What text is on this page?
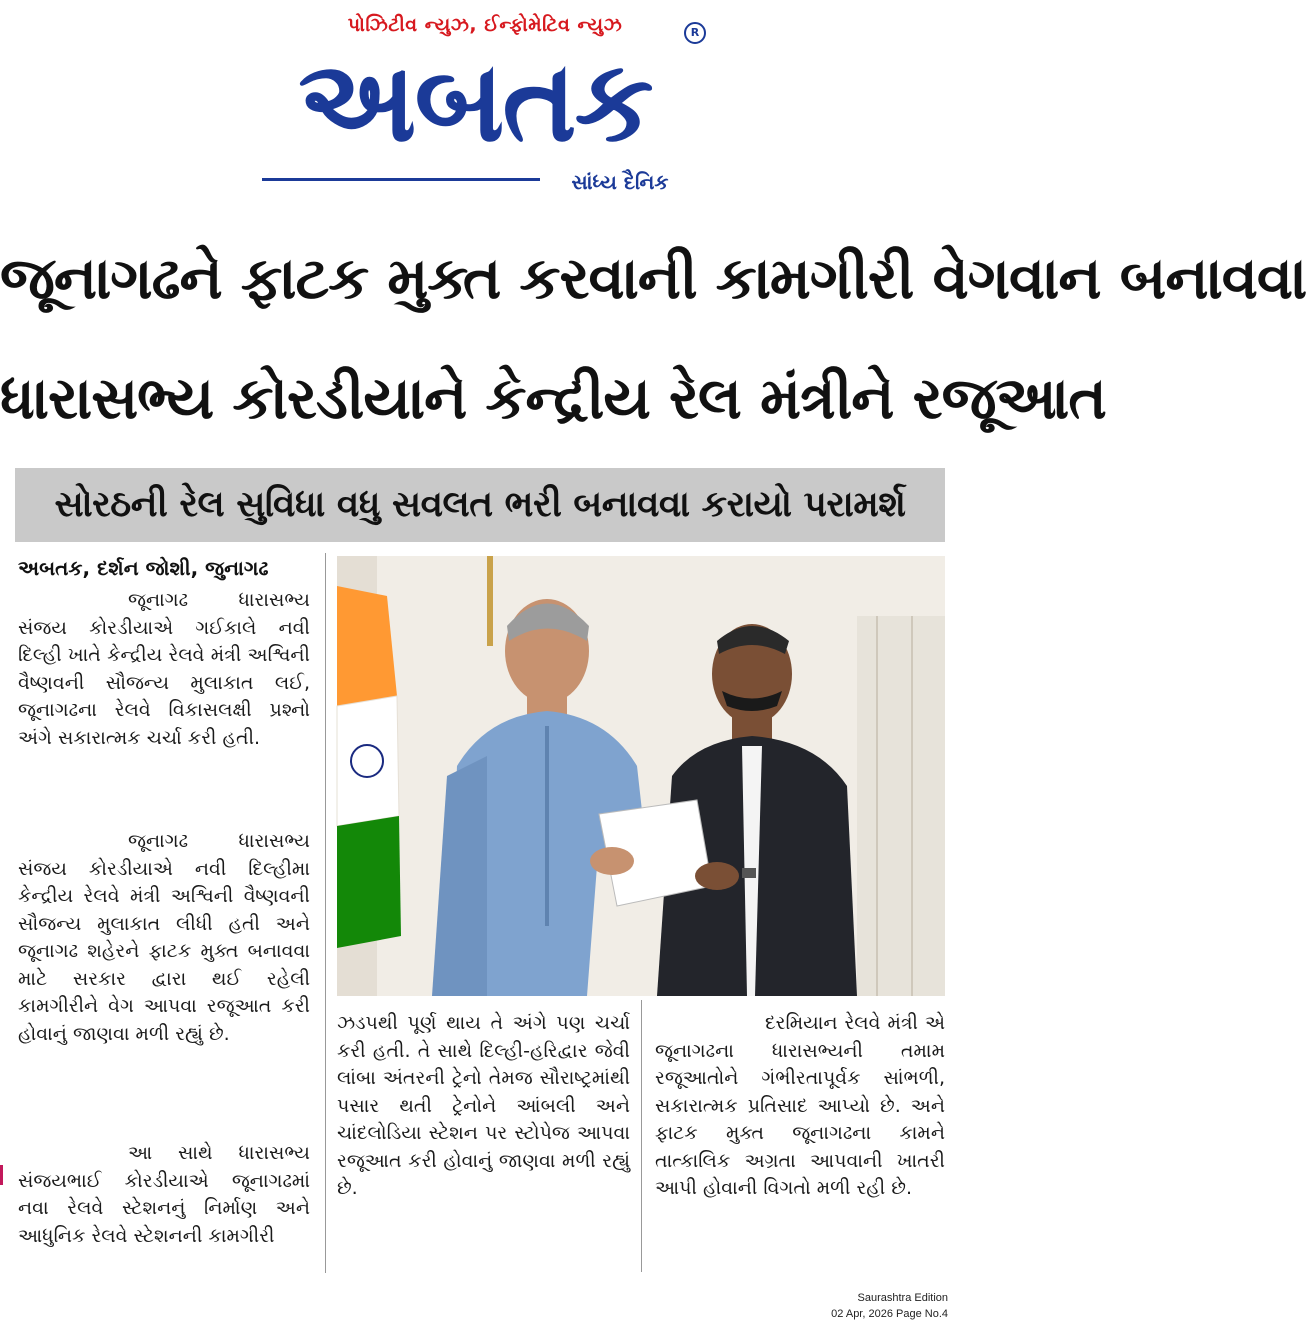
પોઝિટીવ ન્યુઝ, ઈન્ફોમેટિવ ન્યુઝ
અબતક
R
સાંધ્ય દૈનિક
જૂનાગઢને ફાટક મુક્ત કરવાની કામગીરી વેગવાન બનાવવા
ધારાસભ્ય કોરડીયાને કેન્દ્રીય રેલ મંત્રીને રજૂઆત
સોરઠની રેલ સુવિધા વધુ સવલત ભરી બનાવવા કરાયો પરામર્શ
અબતક, દર્શન જોશી, જુનાગઢ

જૂનાગઢ ધારાસભ્ય સંજય કોરડીયાએ ગઈકાલે નવી દિલ્હી ખાતે કેન્દ્રીય રેલવે મંત્રી અશ્વિની વૈષ્ણવની સૌજન્ય મુલાકાત લઈ, જૂનાગઢના રેલવે વિકાસલક્ષી પ્રશ્નો અંગે સકારાત્મક ચર્ચા કરી હતી.

જૂનાગઢ ધારાસભ્ય સંજય કોરડીયાએ નવી દિલ્હીમા કેન્દ્રીય રેલવે મંત્રી અશ્વિની વૈષ્ણવની સૌજન્ય મુલાકાત લીધી હતી અને જૂનાગઢ શહેરને ફાટક મુક્ત બનાવવા માટે સરકાર દ્વારા થઈ રહેલી કામગીરીને વેગ આપવા રજૂઆત કરી હોવાનું જાણવા મળી રહ્યું છે.

આ સાથે ધારાસભ્ય સંજયભાઈ કોરડીયાએ જૂનાગઢમાં નવા રેલવે સ્ટેશનનું નિર્માણ અને આધુનિક રેલવે સ્ટેશનની કામગીરી

ઝડપથી પૂર્ણ થાય તે અંગે પણ ચર્ચા કરી હતી. તે સાથે દિલ્હી-હરિદ્વાર જેવી લાંબા અંતરની ટ્રેનો તેમજ સૌરાષ્ટ્રમાંથી પસાર થતી ટ્રેનોને આંબલી અને ચાંદલોડિયા સ્ટેશન પર સ્ટોપેજ આપવા રજૂઆત કરી હોવાનું જાણવા મળી રહ્યું છે.

દરમિયાન રેલવે મંત્રી એ જૂનાગઢના ધારાસભ્યની તમામ રજૂઆતોને ગંભીરતાપૂર્વક સાંભળી, સકારાત્મક પ્રતિસાદ આપ્યો છે. અને ફાટક મુક્ત જૂનાગઢના કામને તાત્કાલિક અગ્રતા આપવાની ખાતરી આપી હોવાની વિગતો મળી રહી છે.

Saurashtra Edition
02 Apr, 2026 Page No.4
